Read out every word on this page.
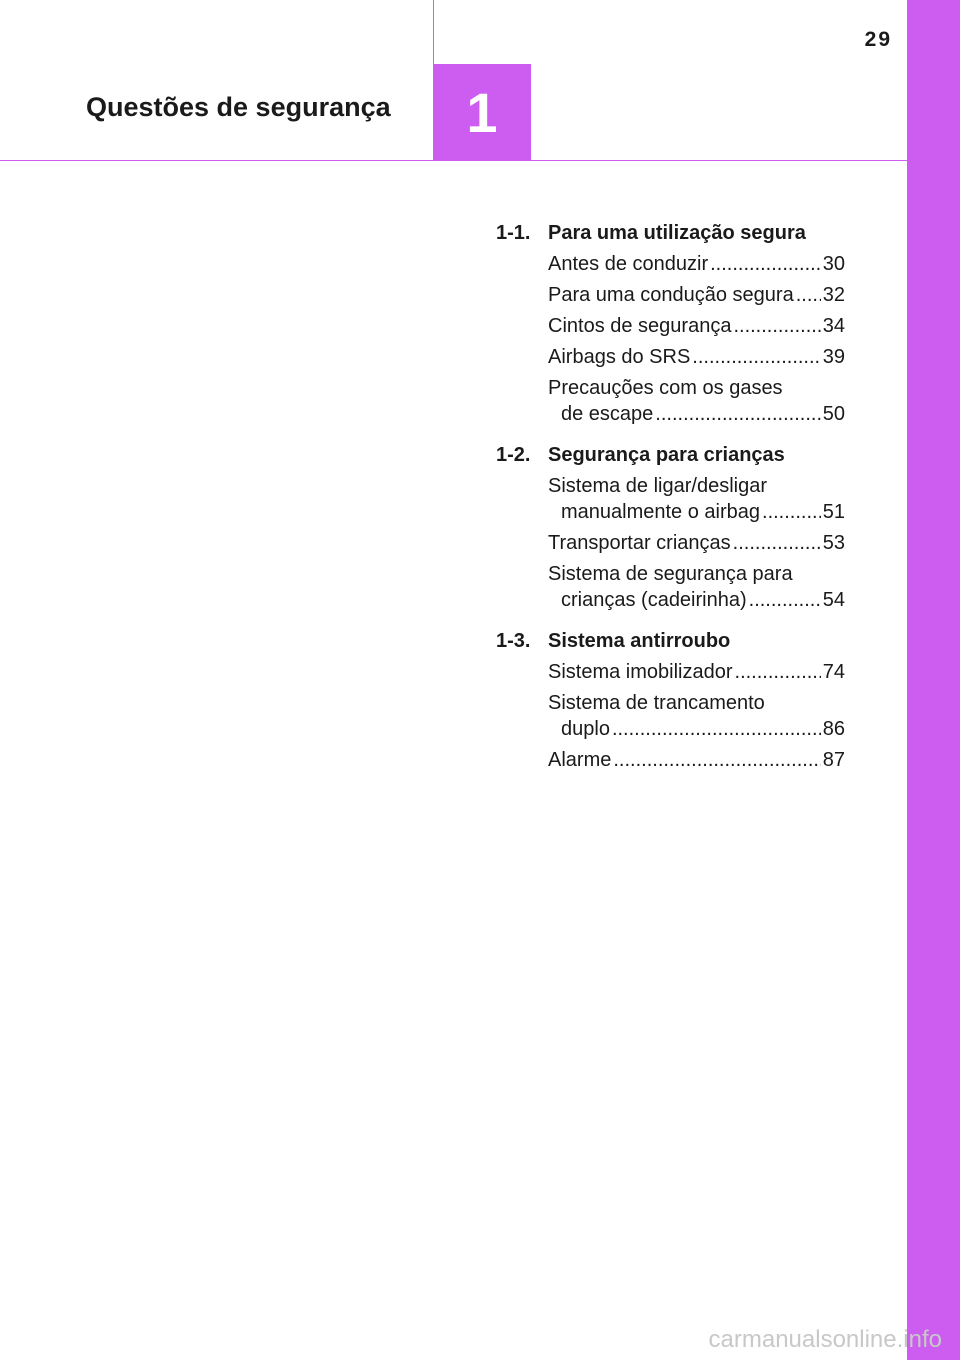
29
Questões de segurança 1
1-1. Para uma utilização segura
Antes de conduzir .....	30
Para uma condução segura ..... 32
Cintos de segurança .....	34
Airbags do SRS .....	39
Precauções com os gases
de escape .....	50
1-2. Segurança para crianças
Sistema de ligar/desligar
manualmente o airbag .....	51
Transportar crianças .....	53
Sistema de segurança para
crianças (cadeirinha) .....	54
1-3. Sistema antirroubo
Sistema imobilizador .....	74
Sistema de trancamento
duplo .....	86
Alarme .....	87
carmanualsonline.info
